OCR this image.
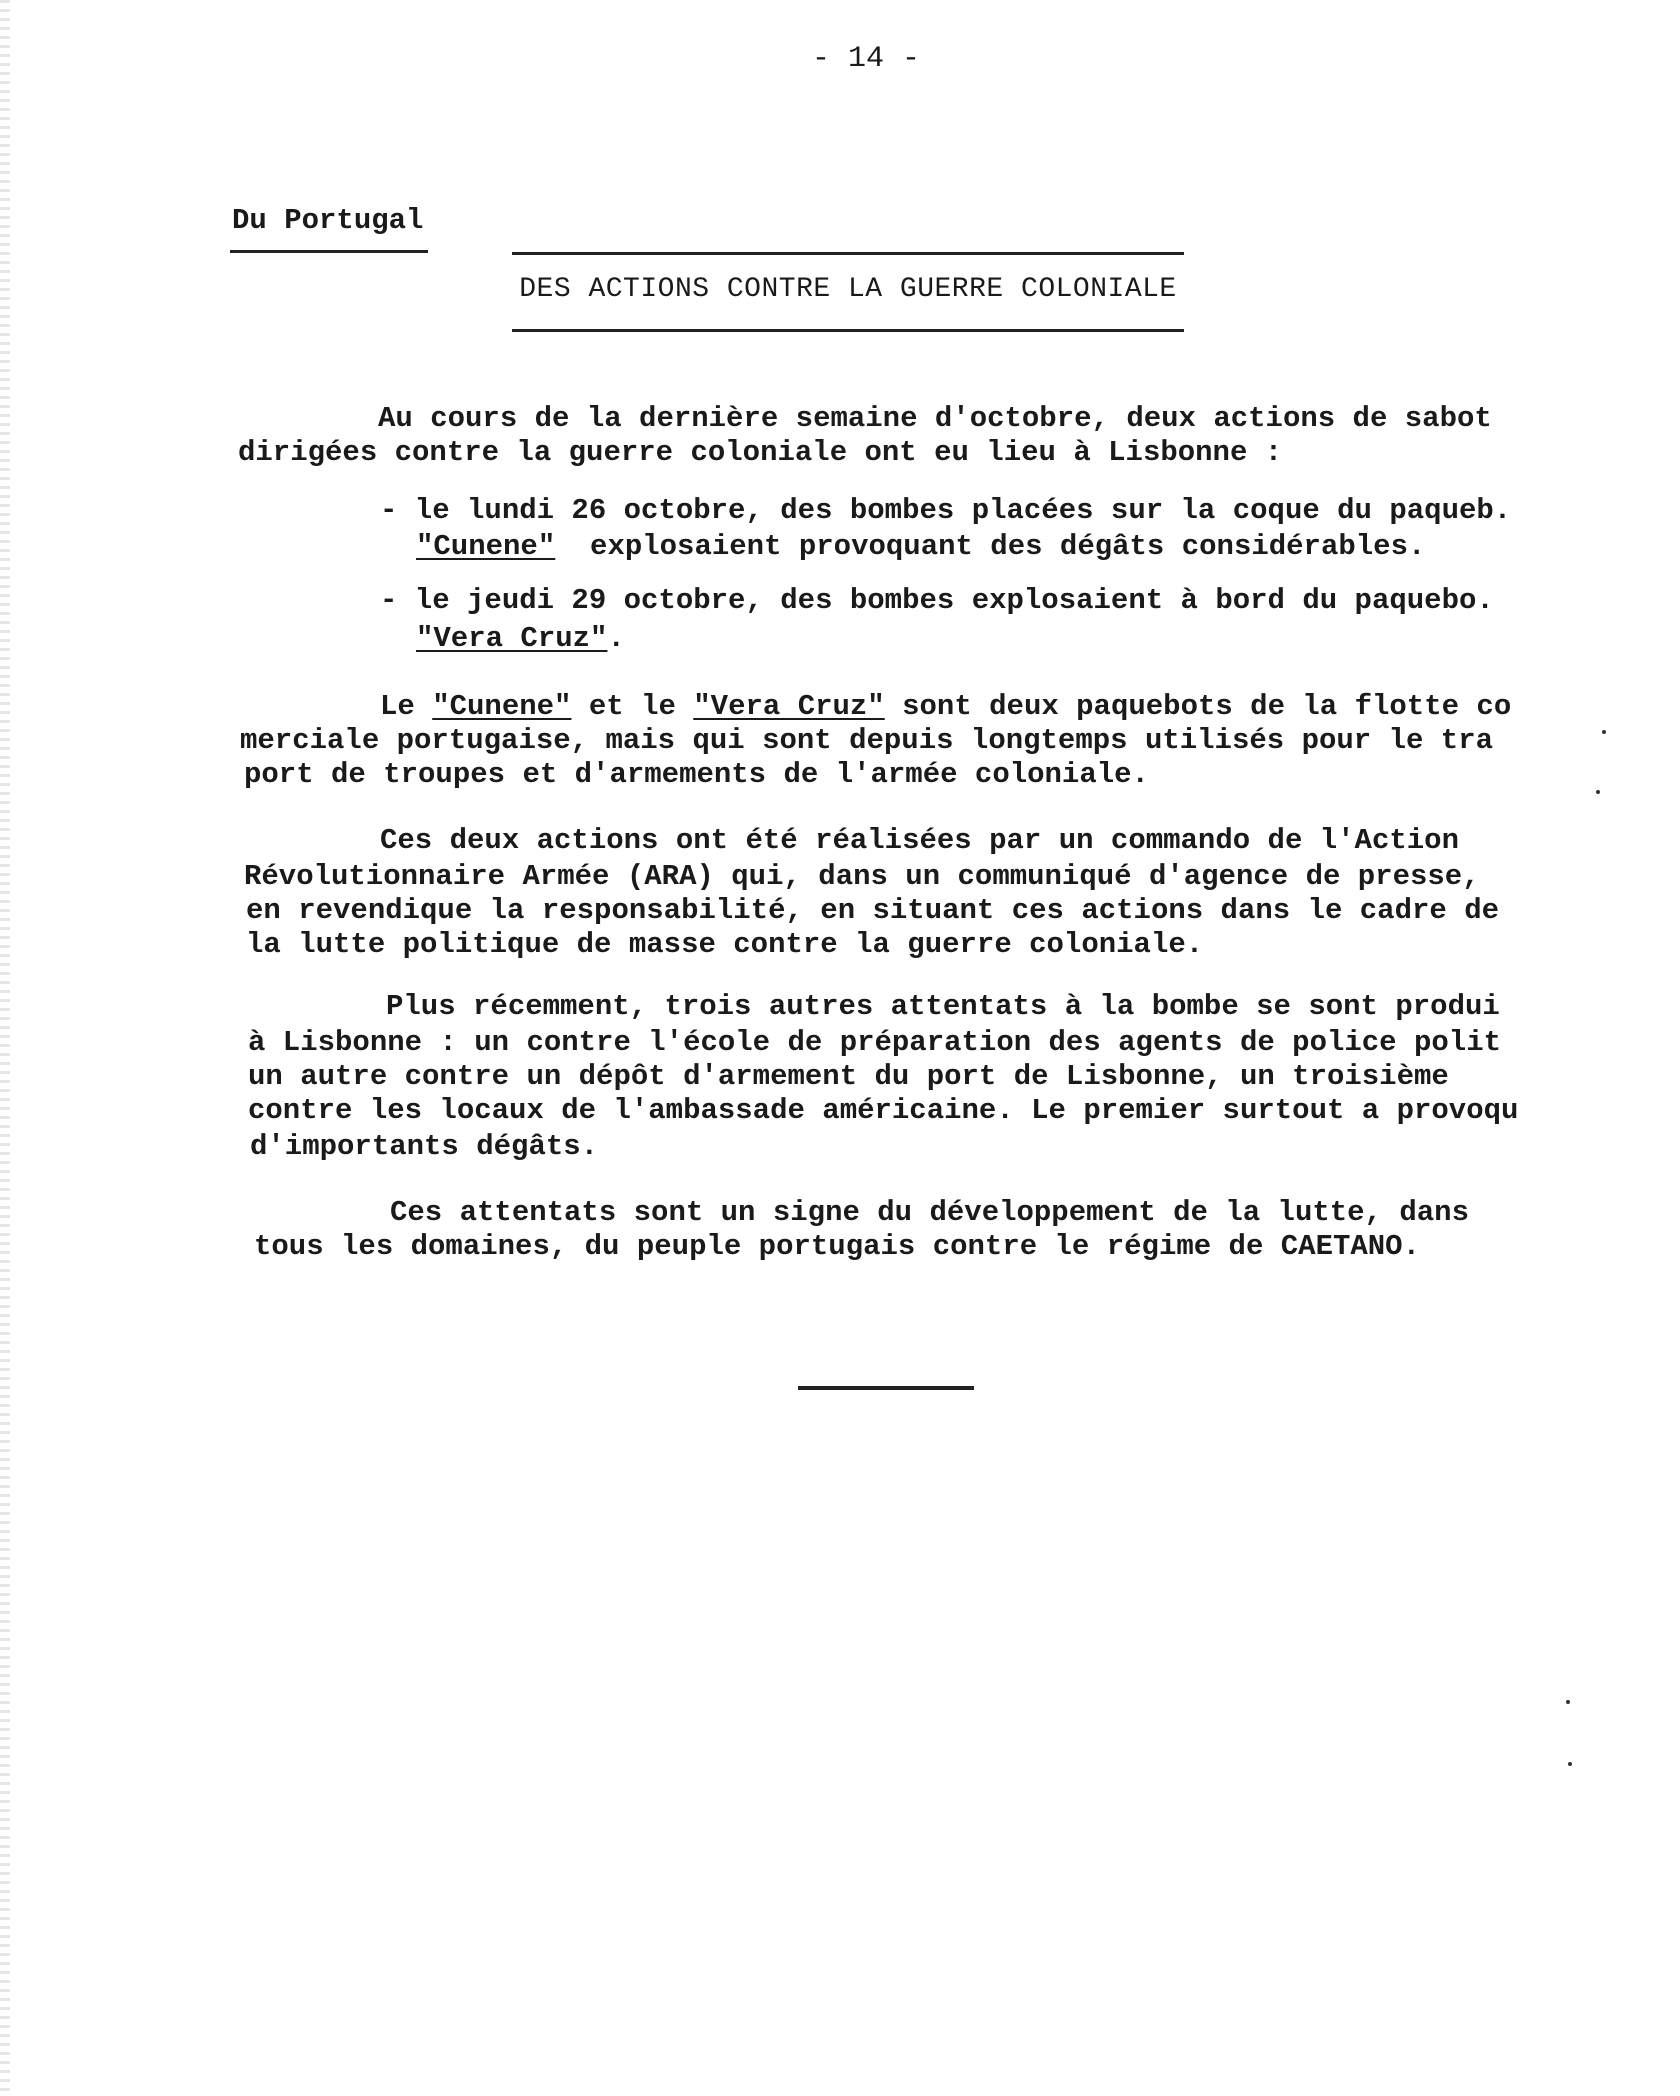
- 14 -
Du Portugal
DES ACTIONS CONTRE LA GUERRE COLONIALE
Au cours de la dernière semaine d'octobre, deux actions de sabot
dirigées contre la guerre coloniale ont eu lieu à Lisbonne :
- le lundi 26 octobre, des bombes placées sur la coque du paqueb.
"Cunene"  explosaient provoquant des dégâts considérables.
- le jeudi 29 octobre, des bombes explosaient à bord du paquebo.
"Vera Cruz".
Le "Cunene" et le "Vera Cruz" sont deux paquebots de la flotte co
merciale portugaise, mais qui sont depuis longtemps utilisés pour le tra
port de troupes et d'armements de l'armée coloniale.
Ces deux actions ont été réalisées par un commando de l'Action
Révolutionnaire Armée (ARA) qui, dans un communiqué d'agence de presse,
en revendique la responsabilité, en situant ces actions dans le cadre de
la lutte politique de masse contre la guerre coloniale.
Plus récemment, trois autres attentats à la bombe se sont produi
à Lisbonne : un contre l'école de préparation des agents de police polit
un autre contre un dépôt d'armement du port de Lisbonne, un troisième
contre les locaux de l'ambassade américaine. Le premier surtout a provoqu
d'importants dégâts.
Ces attentats sont un signe du développement de la lutte, dans
tous les domaines, du peuple portugais contre le régime de CAETANO.
